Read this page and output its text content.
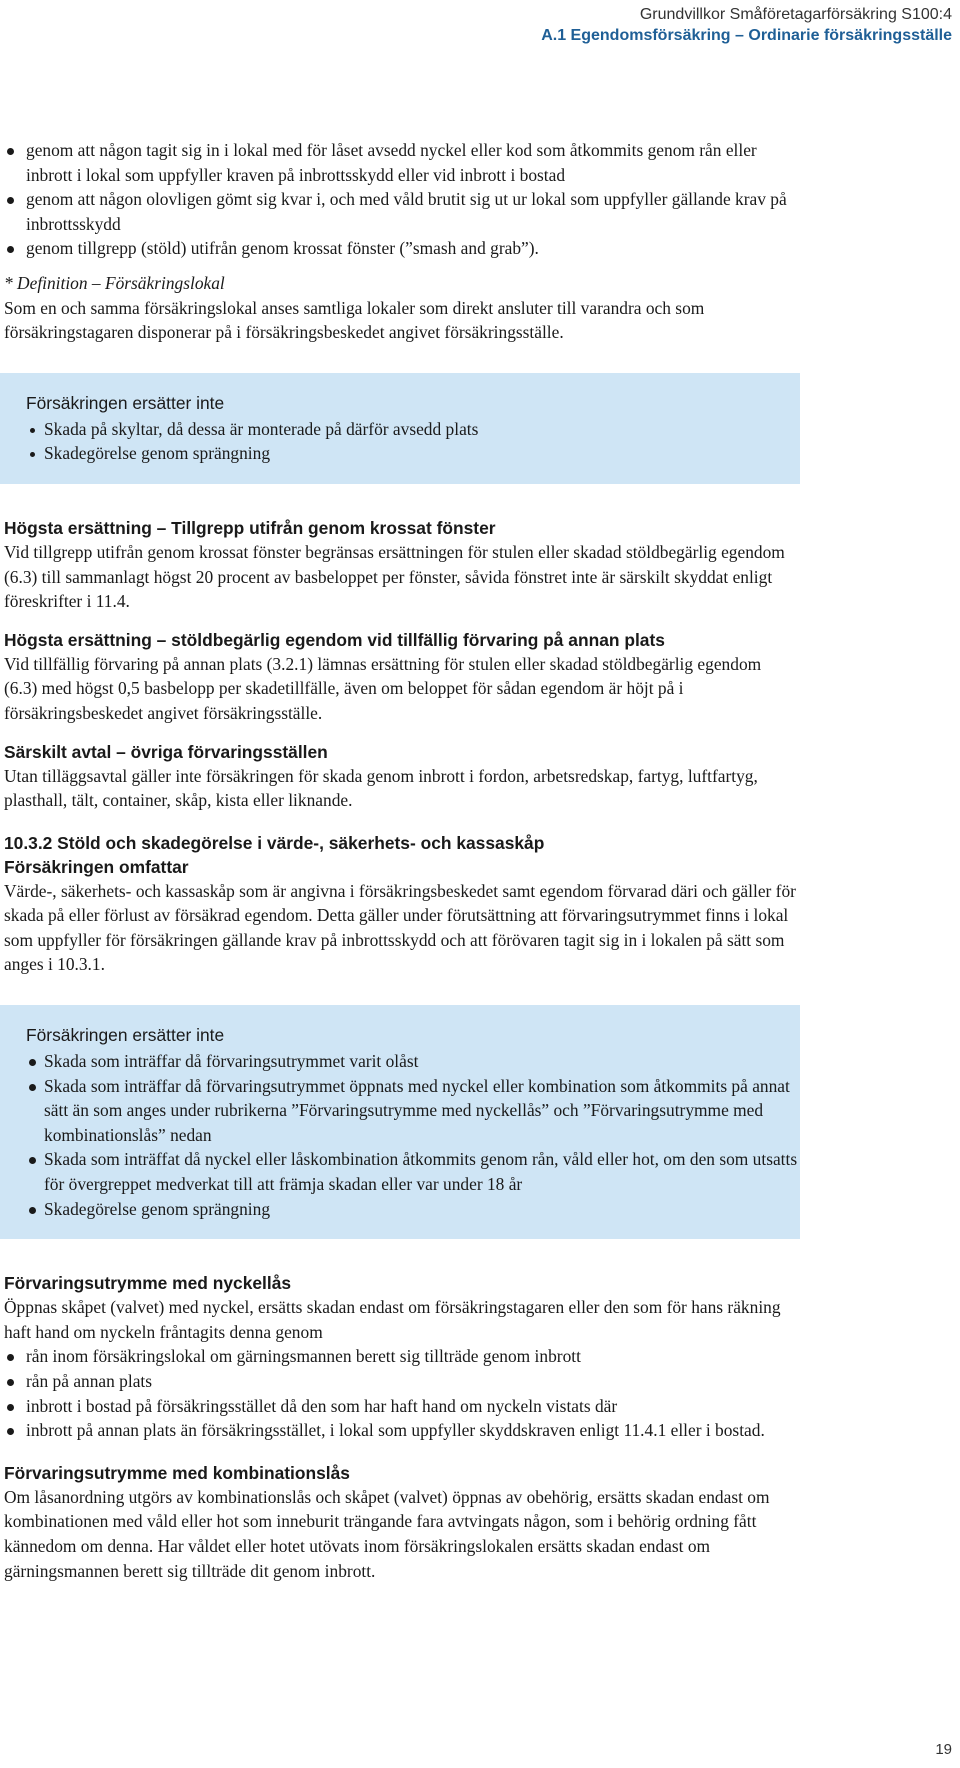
Grundvillkor Småföretagarförsäkring S100:4
A.1 Egendomsförsäkring – Ordinarie försäkringsställe
genom att någon tagit sig in i lokal med för låset avsedd nyckel eller kod som åtkommits genom rån eller inbrott i lokal som uppfyller kraven på inbrottsskydd eller vid inbrott i bostad
genom att någon olovligen gömt sig kvar i, och med våld brutit sig ut ur lokal som uppfyller gällande krav på inbrottsskydd
genom tillgrepp (stöld) utifrån genom krossat fönster (”smash and grab”).
* Definition – Försäkringslokal
Som en och samma försäkringslokal anses samtliga lokaler som direkt ansluter till varandra och som försäkringstagaren disponerar på i försäkringsbeskedet angivet försäkringsställe.
Försäkringen ersätter inte
Skada på skyltar, då dessa är monterade på därför avsedd plats
Skadegörelse genom sprängning
Högsta ersättning – Tillgrepp utifrån genom krossat fönster
Vid tillgrepp utifrån genom krossat fönster begränsas ersättningen för stulen eller skadad stöldbegärlig egendom (6.3) till sammanlagt högst 20 procent av basbeloppet per fönster, såvida fönstret inte är särskilt skyddat enligt föreskrifter i 11.4.
Högsta ersättning – stöldbegärlig egendom vid tillfällig förvaring på annan plats
Vid tillfällig förvaring på annan plats (3.2.1) lämnas ersättning för stulen eller skadad stöldbegärlig egendom (6.3) med högst 0,5 basbelopp per skadetillfälle, även om beloppet för sådan egendom är höjt på i försäkringsbeskedet angivet försäkringsställe.
Särskilt avtal – övriga förvaringsställen
Utan tilläggsavtal gäller inte försäkringen för skada genom inbrott i fordon, arbetsredskap, fartyg, luftfartyg, plasthall, tält, container, skåp, kista eller liknande.
10.3.2 Stöld och skadegörelse i värde-, säkerhets- och kassaskåp
Försäkringen omfattar
Värde-, säkerhets- och kassaskåp som är angivna i försäkringsbeskedet samt egendom förvarad däri och gäller för skada på eller förlust av försäkrad egendom. Detta gäller under förutsättning att förvaringsutrymmet finns i lokal som uppfyller för försäkringen gällande krav på inbrottsskydd och att förövaren tagit sig in i lokalen på sätt som anges i 10.3.1.
Försäkringen ersätter inte
Skada som inträffar då förvaringsutrymmet varit olåst
Skada som inträffar då förvaringsutrymmet öppnats med nyckel eller kombination som åtkommits på annat sätt än som anges under rubrikerna ”Förvaringsutrymme med nyckellås” och ”Förvaringsutrymme med kombinationslås” nedan
Skada som inträffat då nyckel eller låskombination åtkommits genom rån, våld eller hot, om den som utsatts för övergreppet medverkat till att främja skadan eller var under 18 år
Skadegörelse genom sprängning
Förvaringsutrymme med nyckellås
Öppnas skåpet (valvet) med nyckel, ersätts skadan endast om försäkringstagaren eller den som för hans räkning haft hand om nyckeln fråntagits denna genom
rån inom försäkringslokal om gärningsmannen berett sig tillträde genom inbrott
rån på annan plats
inbrott i bostad på försäkringsstället då den som har haft hand om nyckeln vistats där
inbrott på annan plats än försäkringsstället, i lokal som uppfyller skyddskraven enligt 11.4.1 eller i bostad.
Förvaringsutrymme med kombinationslås
Om låsanordning utgörs av kombinationslås och skåpet (valvet) öppnas av obehörig, ersätts skadan endast om kombinationen med våld eller hot som inneburit trängande fara avtvingats någon, som i behörig ordning fått kännedom om denna. Har våldet eller hotet utövats inom försäkringslokalen ersätts skadan endast om gärningsmannen berett sig tillträde dit genom inbrott.
19
